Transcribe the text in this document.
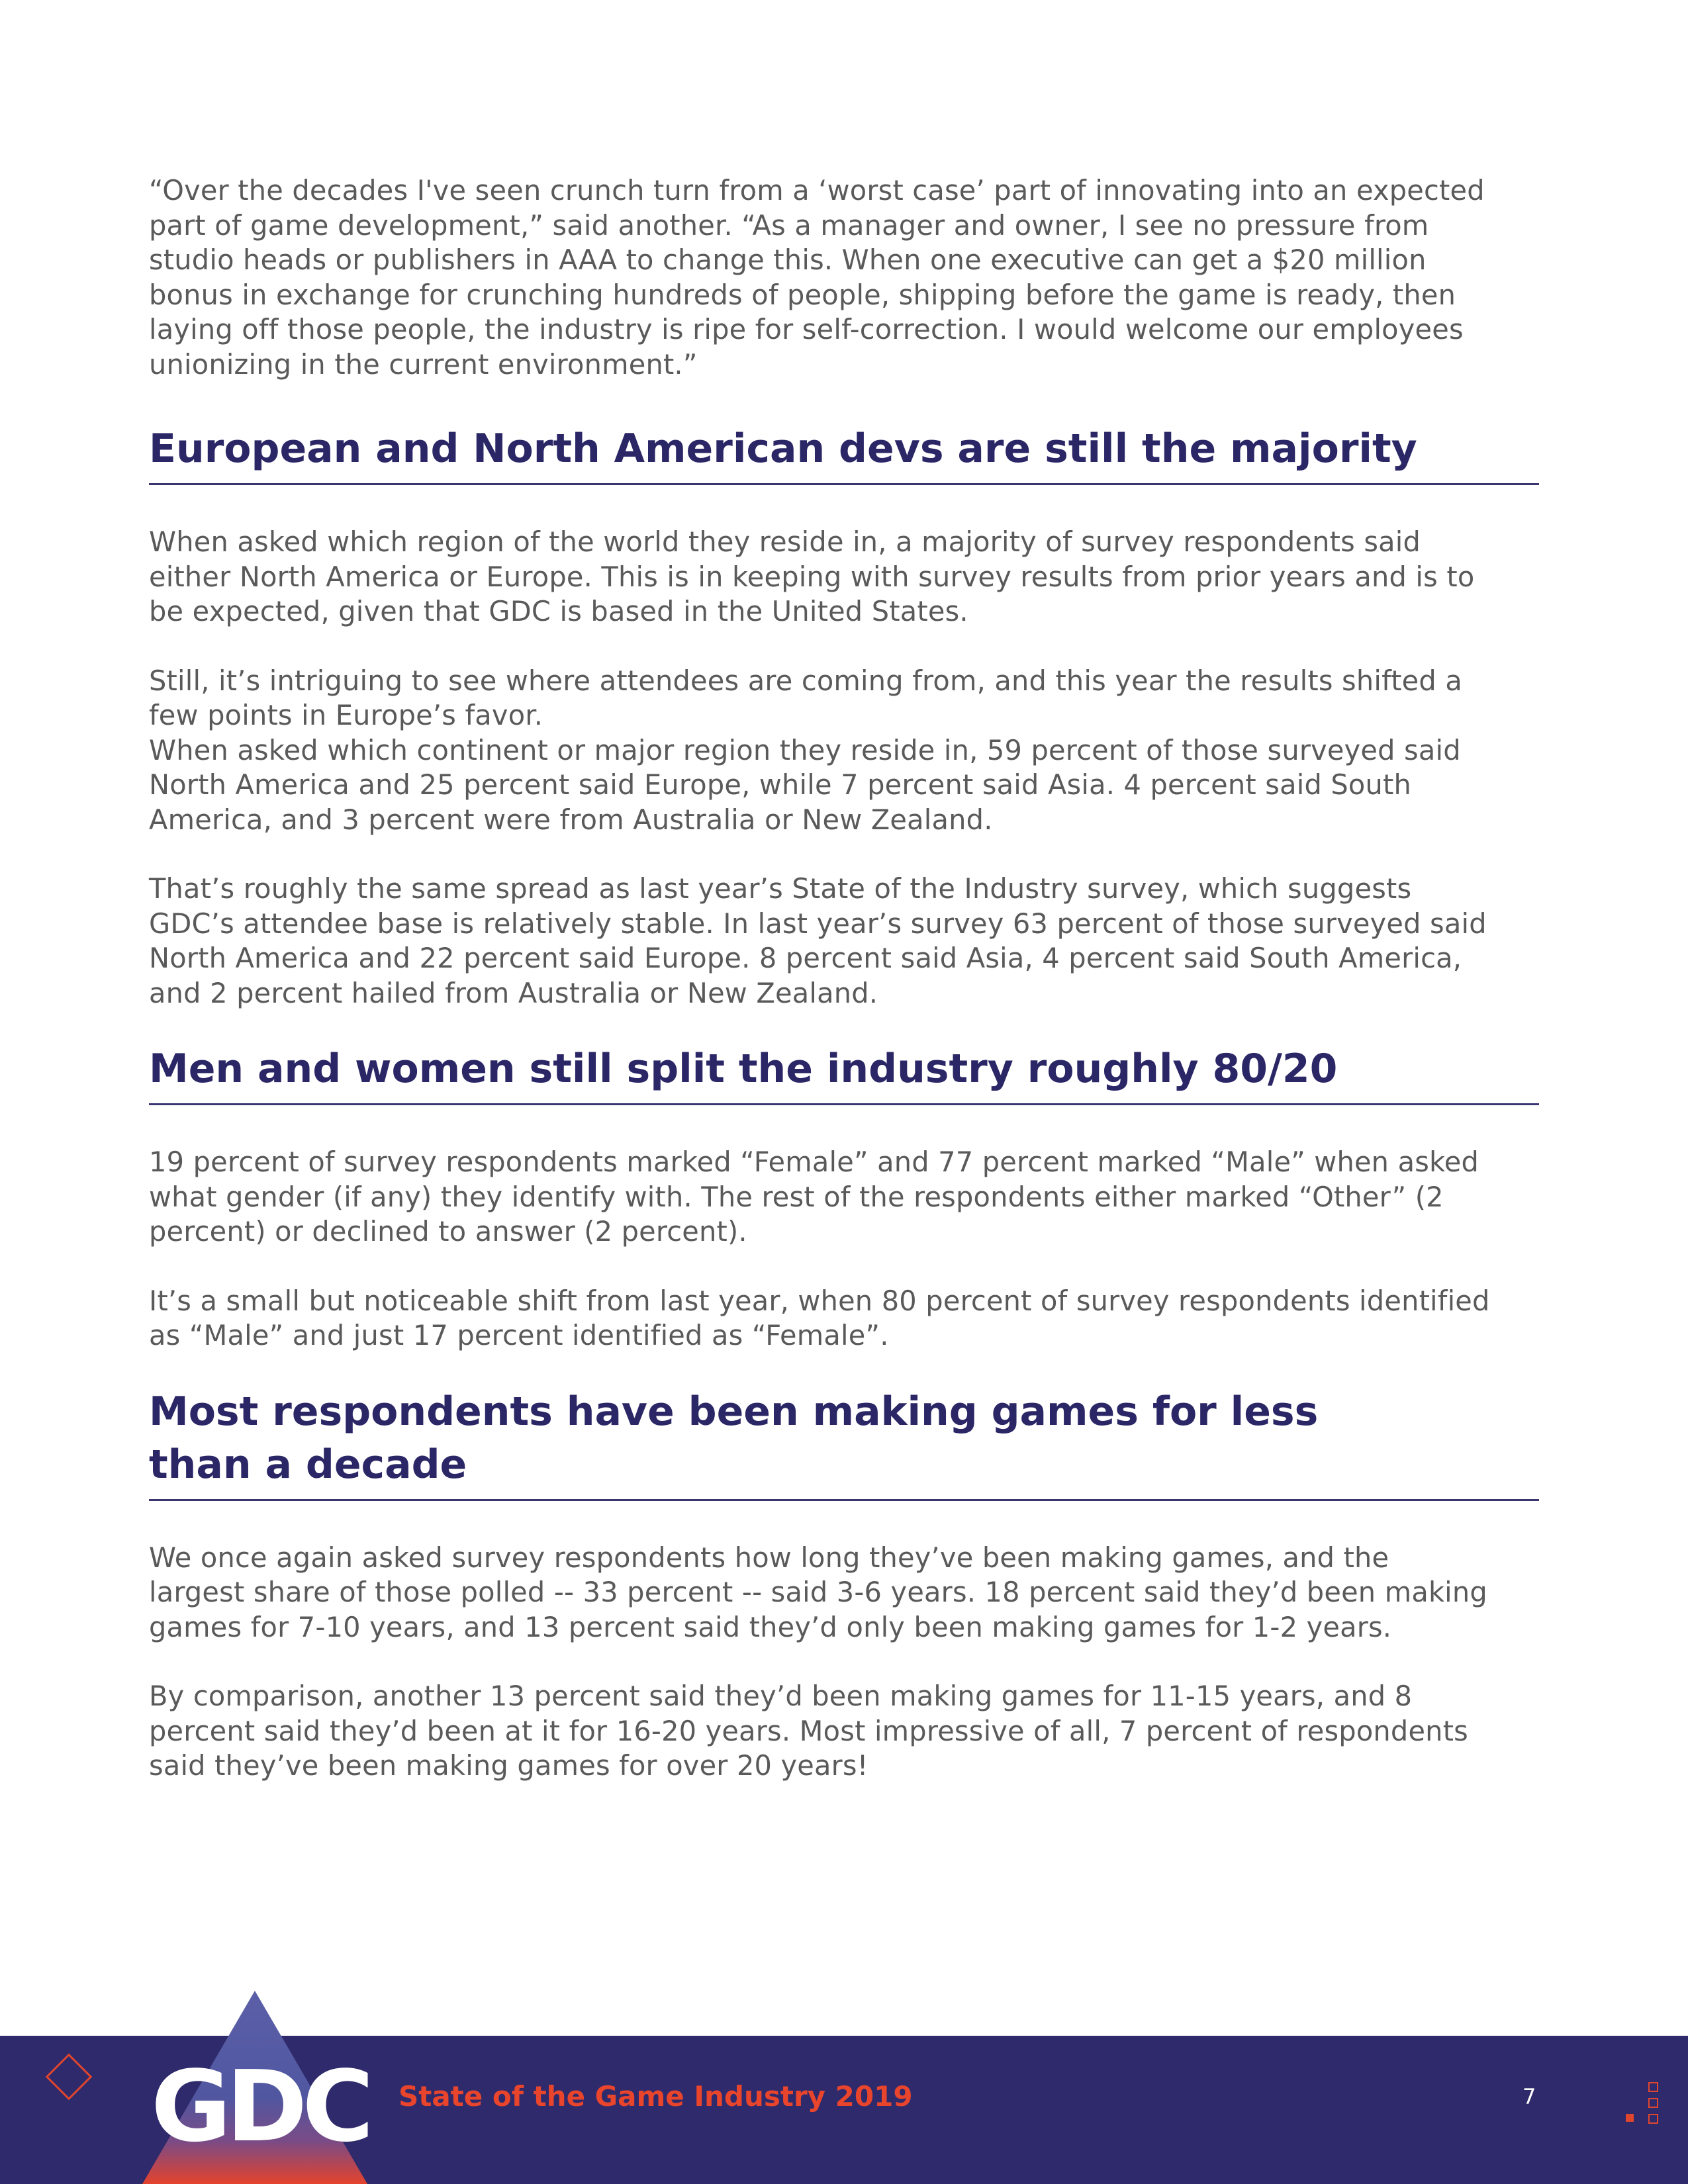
“Over the decades I've seen crunch turn from a ‘worst case’ part of innovating into an expected
part of game development,” said another. “As a manager and owner, I see no pressure from
studio heads or publishers in AAA to change this. When one executive can get a $20 million
bonus in exchange for crunching hundreds of people, shipping before the game is ready, then
laying off those people, the industry is ripe for self-correction. I would welcome our employees
unionizing in the current environment.”

European and North American devs are still the majority

When asked which region of the world they reside in, a majority of survey respondents said
either North America or Europe. This is in keeping with survey results from prior years and is to
be expected, given that GDC is based in the United States.

Still, it’s intriguing to see where attendees are coming from, and this year the results shifted a
few points in Europe’s favor.
When asked which continent or major region they reside in, 59 percent of those surveyed said
North America and 25 percent said Europe, while 7 percent said Asia. 4 percent said South
America, and 3 percent were from Australia or New Zealand.

That’s roughly the same spread as last year’s State of the Industry survey, which suggests
GDC’s attendee base is relatively stable. In last year’s survey 63 percent of those surveyed said
North America and 22 percent said Europe. 8 percent said Asia, 4 percent said South America,
and 2 percent hailed from Australia or New Zealand.

Men and women still split the industry roughly 80/20

19 percent of survey respondents marked “Female” and 77 percent marked “Male” when asked
what gender (if any) they identify with. The rest of the respondents either marked “Other” (2
percent) or declined to answer (2 percent).

It’s a small but noticeable shift from last year, when 80 percent of survey respondents identified
as “Male” and just 17 percent identified as “Female”.

Most respondents have been making games for less
than a decade

We once again asked survey respondents how long they’ve been making games, and the
largest share of those polled -- 33 percent -- said 3-6 years. 18 percent said they’d been making
games for 7-10 years, and 13 percent said they’d only been making games for 1-2 years.

By comparison, another 13 percent said they’d been making games for 11-15 years, and 8
percent said they’d been at it for 16-20 years. Most impressive of all, 7 percent of respondents
said they’ve been making games for over 20 years!

GDC State of the Game Industry 2019	7
